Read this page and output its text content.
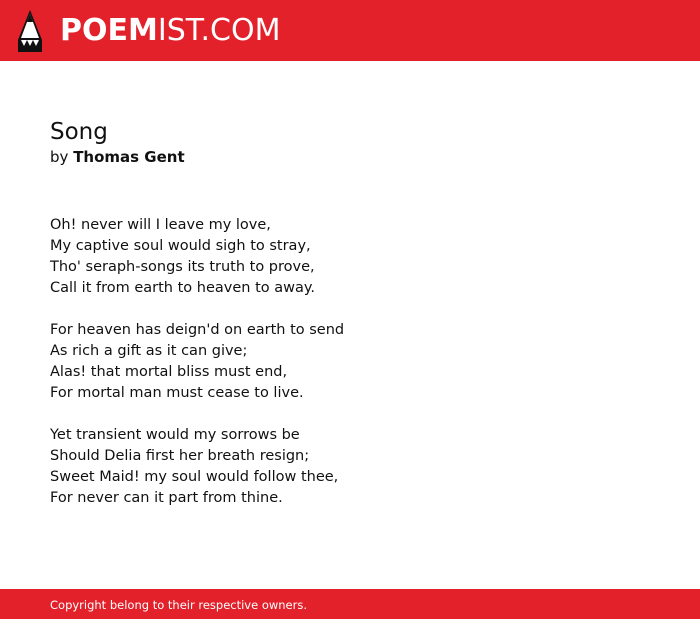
POEMIST.COM
Song
by Thomas Gent
Oh! never will I leave my love,
My captive soul would sigh to stray,
Tho' seraph-songs its truth to prove,
Call it from earth to heaven to away.
For heaven has deign'd on earth to send
As rich a gift as it can give;
Alas! that mortal bliss must end,
For mortal man must cease to live.
Yet transient would my sorrows be
Should Delia first her breath resign;
Sweet Maid! my soul would follow thee,
For never can it part from thine.
Copyright belong to their respective owners.
